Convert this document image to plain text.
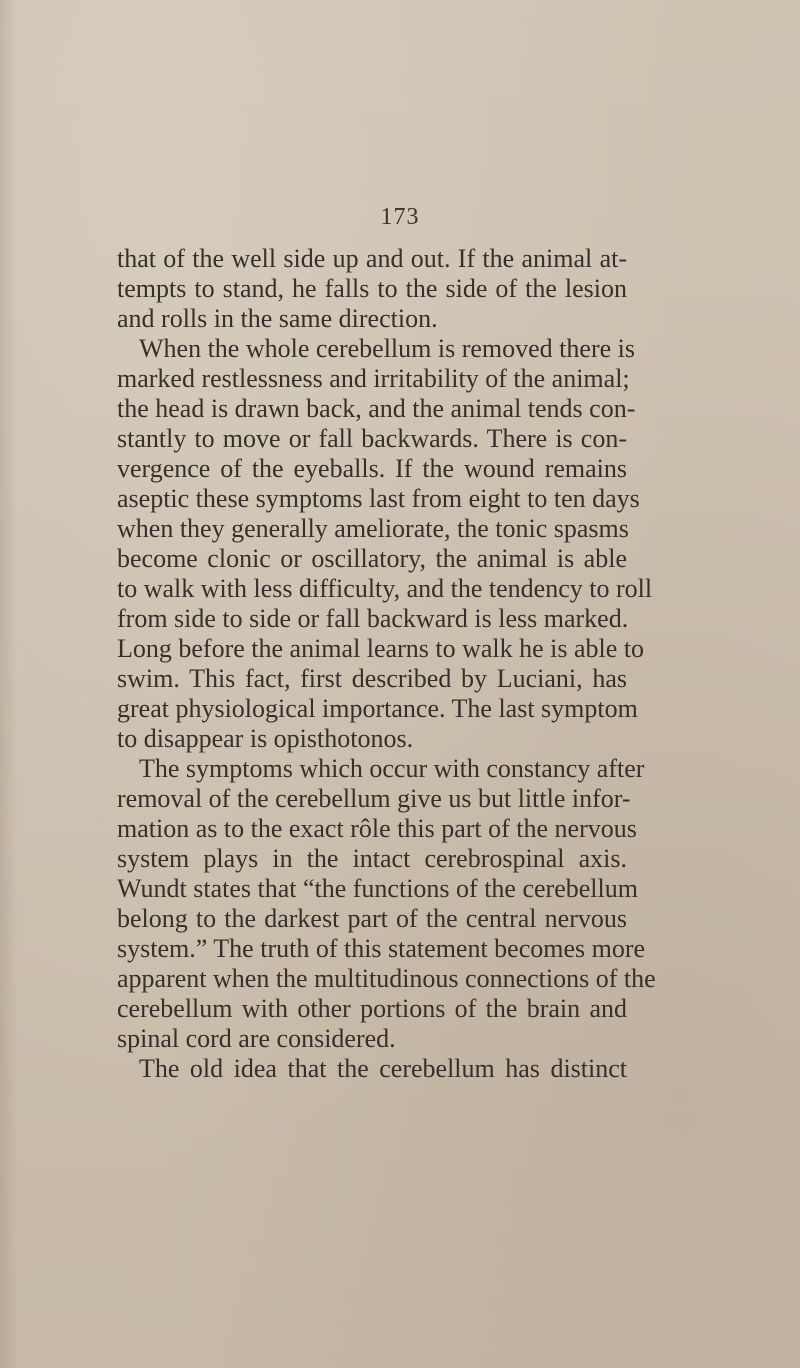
173
that of the well side up and out. If the animal at-
tempts to stand, he falls to the side of the lesion
and rolls in the same direction.
When the whole cerebellum is removed there is
marked restlessness and irritability of the animal;
the head is drawn back, and the animal tends con-
stantly to move or fall backwards. There is con-
vergence of the eyeballs. If the wound remains
aseptic these symptoms last from eight to ten days
when they generally ameliorate, the tonic spasms
become clonic or oscillatory, the animal is able
to walk with less difficulty, and the tendency to roll
from side to side or fall backward is less marked.
Long before the animal learns to walk he is able to
swim. This fact, first described by Luciani, has
great physiological importance. The last symptom
to disappear is opisthotonos.
The symptoms which occur with constancy after
removal of the cerebellum give us but little infor-
mation as to the exact rôle this part of the nervous
system plays in the intact cerebrospinal axis.
Wundt states that “the functions of the cerebellum
belong to the darkest part of the central nervous
system.” The truth of this statement becomes more
apparent when the multitudinous connections of the
cerebellum with other portions of the brain and
spinal cord are considered.
The old idea that the cerebellum has distinct
